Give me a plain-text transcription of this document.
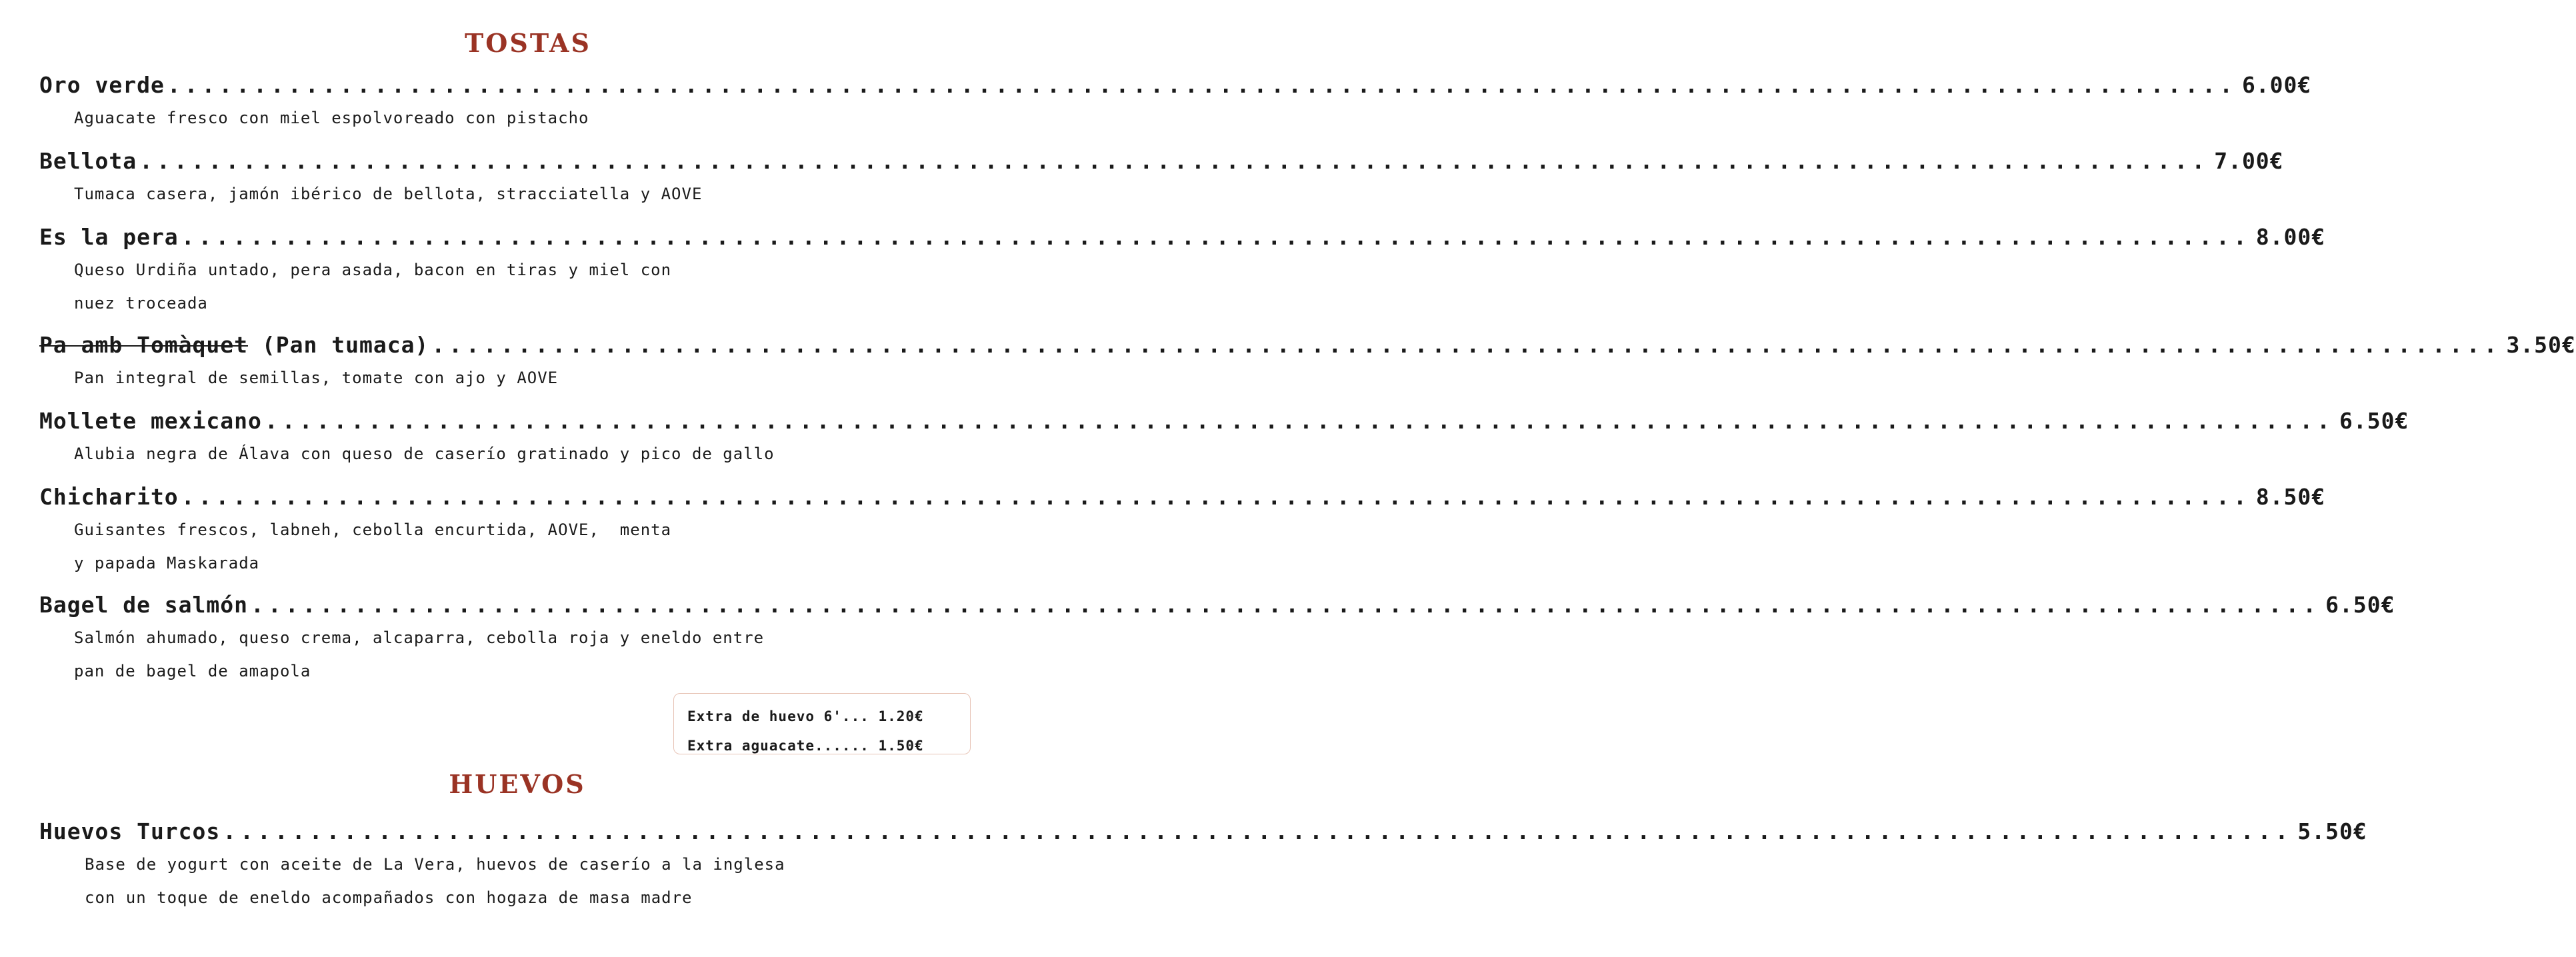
TOSTAS
Oro verde ........................................................................................................................ 6.00€
Aguacate fresco con miel espolvoreado con pistacho
Bellota ........................................................................................................................ 7.00€
Tumaca casera, jamón ibérico de bellota, stracciatella y AOVE
Es la pera ........................................................................................................................ 8.00€
Queso Urdiña untado, pera asada, bacon en tiras y miel con
nuez troceada
Pa amb Tomàquet (Pan tumaca) ........................................................................................................................ 3.50€
Pan integral de semillas, tomate con ajo y AOVE
Mollete mexicano ........................................................................................................................ 6.50€
Alubia negra de Álava con queso de caserío gratinado y pico de gallo
Chicharito ........................................................................................................................ 8.50€
Guisantes frescos, labneh, cebolla encurtida, AOVE,  menta
y papada Maskarada
Bagel de salmón ........................................................................................................................ 6.50€
Salmón ahumado, queso crema, alcaparra, cebolla roja y eneldo entre
pan de bagel de amapola
Extra de huevo 6'... 1.20€
Extra aguacate...... 1.50€
HUEVOS
Huevos Turcos ........................................................................................................................ 5.50€
Base de yogurt con aceite de La Vera, huevos de caserío a la inglesa
con un toque de eneldo acompañados con hogaza de masa madre
